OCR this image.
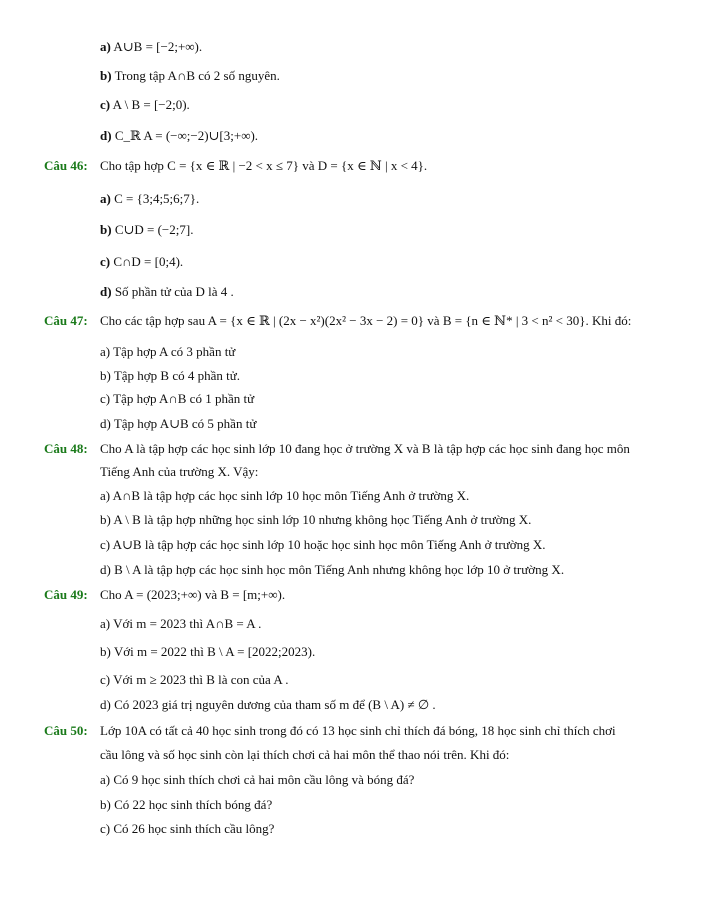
a) A∪B = [−2;+∞).
b) Trong tập A∩B có 2 số nguyên.
c) A \ B = [−2;0).
d) C_ℝ A = (−∞;−2)∪[3;+∞).
Câu 46: Cho tập hợp C = {x ∈ ℝ | −2 < x ≤ 7} và D = {x ∈ ℕ | x < 4}.
a) C = {3;4;5;6;7}.
b) C∪D = (−2;7].
c) C∩D = [0;4).
d) Số phần tử của D là 4 .
Câu 47: Cho các tập hợp sau A = {x ∈ ℝ | (2x − x²)(2x² − 3x − 2) = 0} và B = {n ∈ ℕ* | 3 < n² < 30}. Khi đó:
a) Tập hợp A có 3 phần tử
b) Tập hợp B có 4 phần tử.
c) Tập hợp A∩B có 1 phần tử
d) Tập hợp A∪B có 5 phần tử
Câu 48: Cho A là tập hợp các học sinh lớp 10 đang học ở trường X và B là tập hợp các học sinh đang học môn
Tiếng Anh của trường X. Vậy:
a) A∩B là tập hợp các học sinh lớp 10 học môn Tiếng Anh ở trường X.
b) A \ B là tập hợp những học sinh lớp 10 nhưng không học Tiếng Anh ở trường X.
c) A∪B là tập hợp các học sinh lớp 10 hoặc học sinh học môn Tiếng Anh ở trường X.
d) B \ A là tập hợp các học sinh học môn Tiếng Anh nhưng không học lớp 10 ở trường X.
Câu 49: Cho A = (2023;+∞) và B = [m;+∞).
a) Với m = 2023 thì A∩B = A .
b) Với m = 2022 thì B \ A = [2022;2023).
c) Với m ≥ 2023 thì B là con của A .
d) Có 2023 giá trị nguyên dương của tham số m để (B \ A) ≠ ∅ .
Câu 50: Lớp 10A có tất cả 40 học sinh trong đó có 13 học sinh chỉ thích đá bóng, 18 học sinh chỉ thích chơi
cầu lông và số học sinh còn lại thích chơi cả hai môn thể thao nói trên. Khi đó:
a) Có 9 học sinh thích chơi cả hai môn cầu lông và bóng đá?
b) Có 22 học sinh thích bóng đá?
c) Có 26 học sinh thích cầu lông?
